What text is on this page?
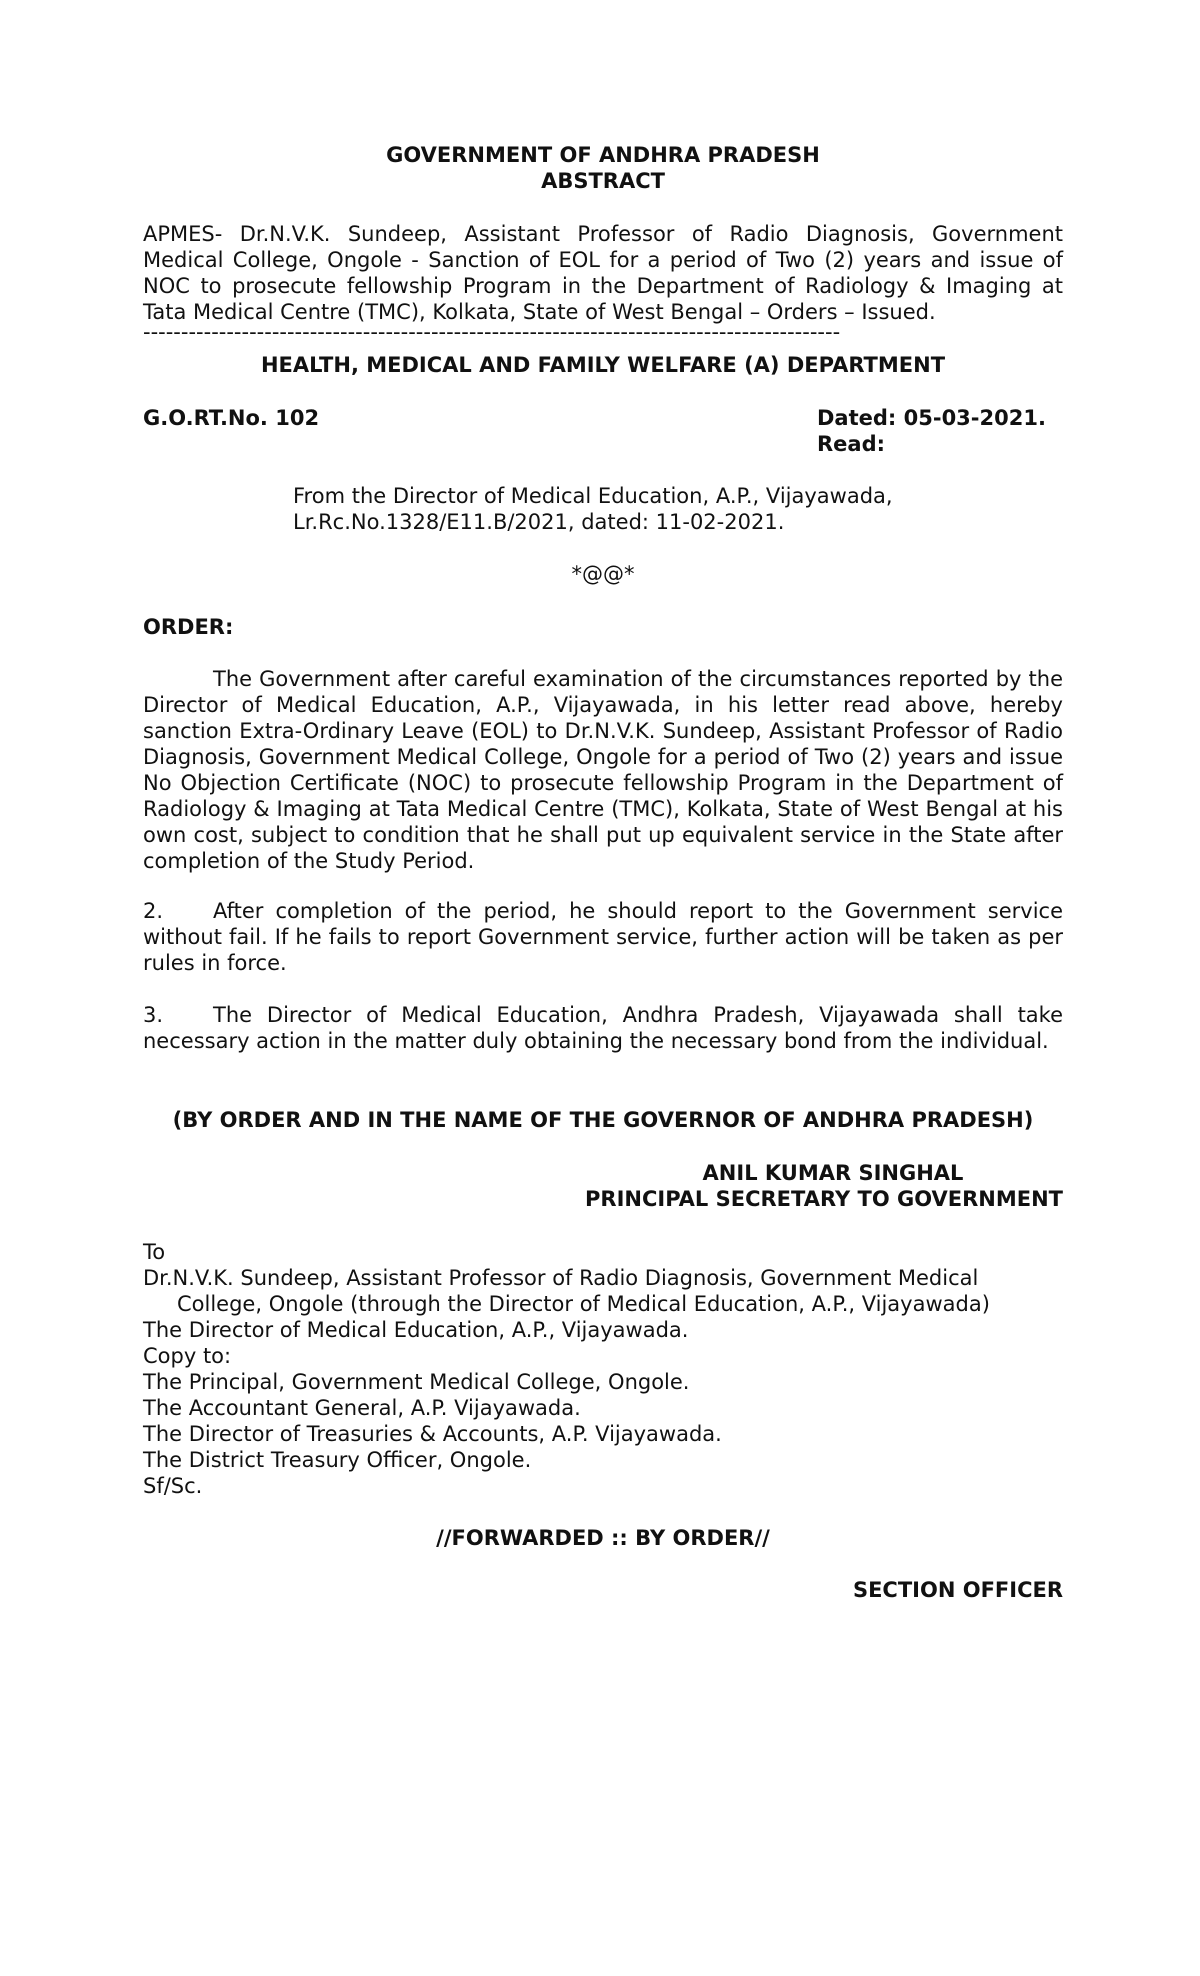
GOVERNMENT OF ANDHRA PRADESH
ABSTRACT
APMES- Dr.N.V.K. Sundeep, Assistant Professor of Radio Diagnosis, Government Medical College, Ongole - Sanction of EOL for a period of Two (2) years and issue of NOC to prosecute fellowship Program in the Department of Radiology & Imaging at Tata Medical Centre (TMC), Kolkata, State of West Bengal – Orders – Issued.
--------------------------------------------------------------------------------------------
HEALTH, MEDICAL AND FAMILY WELFARE (A) DEPARTMENT
G.O.RT.No. 102	Dated: 05-03-2021.
Read:
From the Director of Medical Education, A.P., Vijayawada,
Lr.Rc.No.1328/E11.B/2021, dated: 11-02-2021.
*@@*
ORDER:
The Government after careful examination of the circumstances reported by the Director of Medical Education, A.P., Vijayawada, in his letter read above, hereby sanction Extra-Ordinary Leave (EOL) to Dr.N.V.K. Sundeep, Assistant Professor of Radio Diagnosis, Government Medical College, Ongole for a period of Two (2) years and issue No Objection Certificate (NOC) to prosecute fellowship Program in the Department of Radiology & Imaging at Tata Medical Centre (TMC), Kolkata, State of West Bengal at his own cost, subject to condition that he shall put up equivalent service in the State after completion of the Study Period.
2. After completion of the period, he should report to the Government service without fail. If he fails to report Government service, further action will be taken as per rules in force.
3. The Director of Medical Education, Andhra Pradesh, Vijayawada shall take necessary action in the matter duly obtaining the necessary bond from the individual.
(BY ORDER AND IN THE NAME OF THE GOVERNOR OF ANDHRA PRADESH)
ANIL KUMAR SINGHAL
PRINCIPAL SECRETARY TO GOVERNMENT
To
Dr.N.V.K. Sundeep, Assistant Professor of Radio Diagnosis, Government Medical College, Ongole (through the Director of Medical Education, A.P., Vijayawada)
The Director of Medical Education, A.P., Vijayawada.
Copy to:
The Principal, Government Medical College, Ongole.
The Accountant General, A.P. Vijayawada.
The Director of Treasuries & Accounts, A.P. Vijayawada.
The District Treasury Officer, Ongole.
Sf/Sc.
//FORWARDED :: BY ORDER//
SECTION OFFICER
